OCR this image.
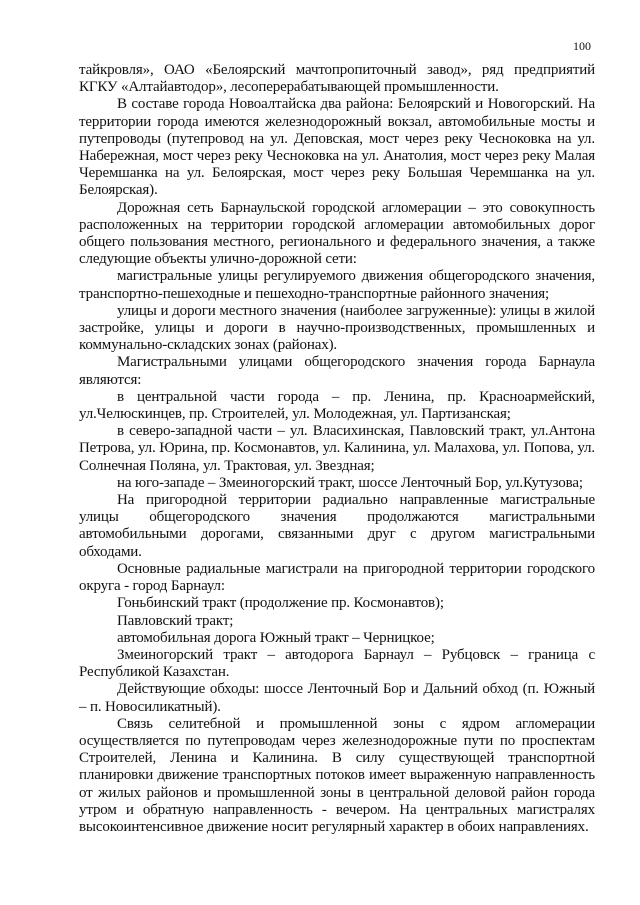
100

тайкровля», ОАО «Белоярский мачтопропиточный завод», ряд предприятий КГКУ «Алтайавтодор», лесоперерабатывающей промышленности.

В составе города Новоалтайска два района: Белоярский и Новогорский. На территории города имеются железнодорожный вокзал, автомобильные мосты и путепроводы (путепровод на ул. Деповская, мост через реку Чесноковка на ул. Набережная, мост через реку Чесноковка на ул. Анатолия, мост через реку Малая Черемшанка на ул. Белоярская, мост через реку Большая Черемшанка на ул. Белоярская).

Дорожная сеть Барнаульской городской агломерации – это совокупность расположенных на территории городской агломерации автомобильных дорог общего пользования местного, регионального и федерального значения, а также следующие объекты улично-дорожной сети:

магистральные улицы регулируемого движения общегородского значения, транспортно-пешеходные и пешеходно-транспортные районного значения;

улицы и дороги местного значения (наиболее загруженные): улицы в жилой застройке, улицы и дороги в научно-производственных, промышленных и коммунально-складских зонах (районах).

Магистральными улицами общегородского значения города Барнаула являются:

в центральной части города – пр. Ленина, пр. Красноармейский, ул.Челюскинцев, пр. Строителей, ул. Молодежная, ул. Партизанская;

в северо-западной части – ул. Власихинская, Павловский тракт, ул.Антона Петрова, ул. Юрина, пр. Космонавтов, ул. Калинина, ул. Малахова, ул. Попова, ул. Солнечная Поляна, ул. Трактовая, ул. Звездная;

на юго-западе – Змеиногорский тракт, шоссе Ленточный Бор, ул.Кутузова;

На пригородной территории радиально направленные магистральные улицы общегородского значения продолжаются магистральными автомобильными дорогами, связанными друг с другом магистральными обходами.

Основные радиальные магистрали на пригородной территории городского округа - город Барнаул:

Гоньбинский тракт (продолжение пр. Космонавтов);

Павловский тракт;

автомобильная дорога Южный тракт – Черницкое;

Змеиногорский тракт – автодорога Барнаул – Рубцовск – граница с Республикой Казахстан.

Действующие обходы: шоссе Ленточный Бор и Дальний обход (п. Южный – п. Новосиликатный).

Связь селитебной и промышленной зоны с ядром агломерации осуществляется по путепроводам через железнодорожные пути по проспектам Строителей, Ленина и Калинина. В силу существующей транспортной планировки движение транспортных потоков имеет выраженную направленность от жилых районов и промышленной зоны в центральной деловой район города утром и обратную направленность - вечером. На центральных магистралях высокоинтенсивное движение носит регулярный характер в обоих направлениях.
